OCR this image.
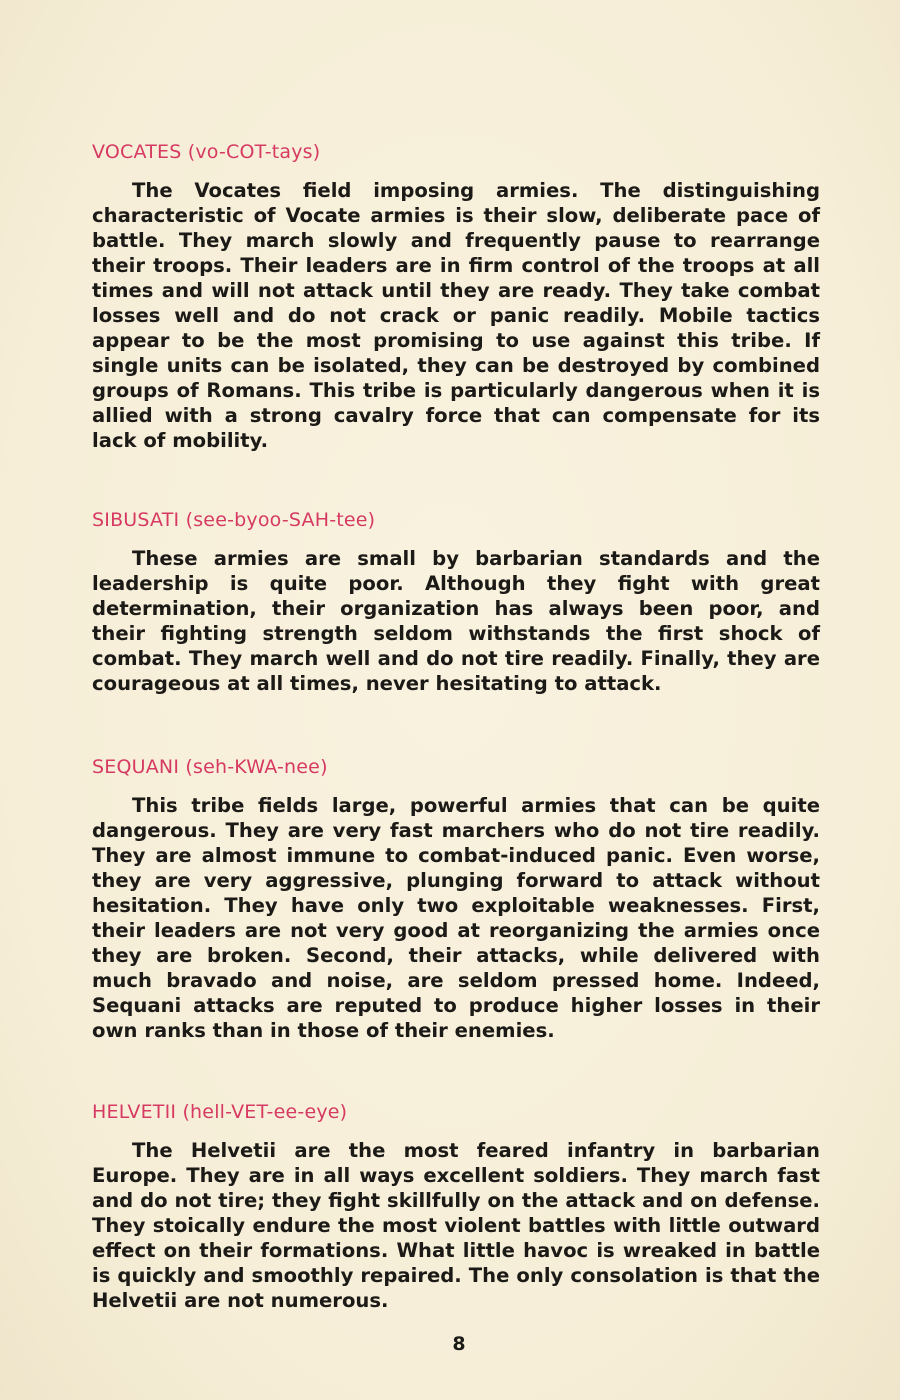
VOCATES (vo-COT-tays)

The Vocates field imposing armies. The distinguishing characteristic of Vocate armies is their slow, deliberate pace of battle. They march slowly and frequently pause to rearrange their troops. Their leaders are in firm control of the troops at all times and will not attack until they are ready. They take combat losses well and do not crack or panic readily. Mobile tactics appear to be the most promising to use against this tribe. If single units can be isolated, they can be destroyed by combined groups of Romans. This tribe is particularly dangerous when it is allied with a strong cavalry force that can compensate for its lack of mobility.

SIBUSATI (see-byoo-SAH-tee)

These armies are small by barbarian standards and the leadership is quite poor. Although they fight with great determination, their organization has always been poor, and their fighting strength seldom withstands the first shock of combat. They march well and do not tire readily. Finally, they are courageous at all times, never hesitating to attack.

SEQUANI (seh-KWA-nee)

This tribe fields large, powerful armies that can be quite dangerous. They are very fast marchers who do not tire readily. They are almost immune to combat-induced panic. Even worse, they are very aggressive, plunging forward to attack without hesitation. They have only two exploitable weaknesses. First, their leaders are not very good at reorganizing the armies once they are broken. Second, their attacks, while delivered with much bravado and noise, are seldom pressed home. Indeed, Sequani attacks are reputed to produce higher losses in their own ranks than in those of their enemies.

HELVETII (hell-VET-ee-eye)

The Helvetii are the most feared infantry in barbarian Europe. They are in all ways excellent soldiers. They march fast and do not tire; they fight skillfully on the attack and on defense. They stoically endure the most violent battles with little outward effect on their formations. What little havoc is wreaked in battle is quickly and smoothly repaired. The only consolation is that the Helvetii are not numerous.

8
